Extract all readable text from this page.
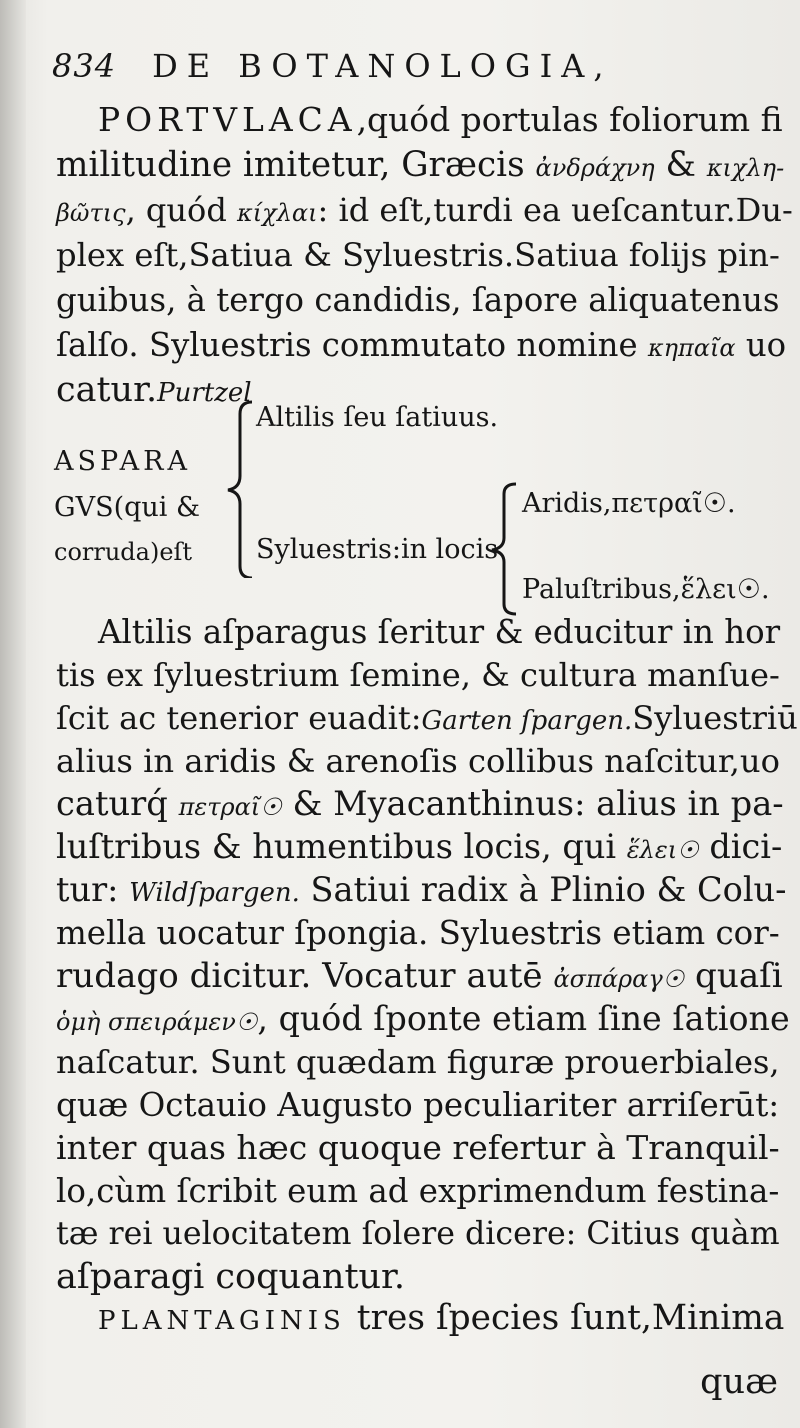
834 DE BOTANOLOGIA,
PORTVLACA,quód portulas foliorum fi
militudine imitetur, Græcis ἀνδράχνη & κιχλη-
βῶτις, quód κίχλαι: id eſt,turdi ea ueſcantur.Du-
plex eſt,Satiua & Syluestris.Satiua folijs pin-
guibus, à tergo candidis, ſapore aliquatenus
ſalſo. Syluestris commutato nomine κηπαῖα uo
catur.Purtzel
ASPARA
GVS(qui &
corruda)eſt
Altilis ſeu ſatiuus.
Syluestris:in locis
Aridis,πετραῖ☉.
Paluſtribus,ἕλει☉.
Altilis aſparagus ſeritur & educitur in hor
tis ex ſyluestrium ſemine, & cultura manſue-
ſcit ac tenerior euadit:Garten ſpargen.Syluestriū
alius in aridis & arenoſis collibus naſcitur,uo
caturq́ πετραῖ☉ & Myacanthinus: alius in pa-
luſtribus & humentibus locis, qui ἕλει☉ dici-
tur: Wildſpargen. Satiui radix à Plinio & Colu-
mella uocatur ſpongia. Syluestris etiam cor-
rudago dicitur. Vocatur autē ἀσπάραγ☉ quaſi
ὁμὴ σπειράμεν☉, quód ſponte etiam ſine ſatione
naſcatur. Sunt quædam figuræ prouerbiales,
quæ Octauio Augusto peculiariter arriſerūt:
inter quas hæc quoque refertur à Tranquil-
lo,cùm ſcribit eum ad exprimendum festina-
tæ rei uelocitatem ſolere dicere: Citius quàm
aſparagi coquantur.
PLANTAGINIS tres ſpecies ſunt,Minima
quæ
